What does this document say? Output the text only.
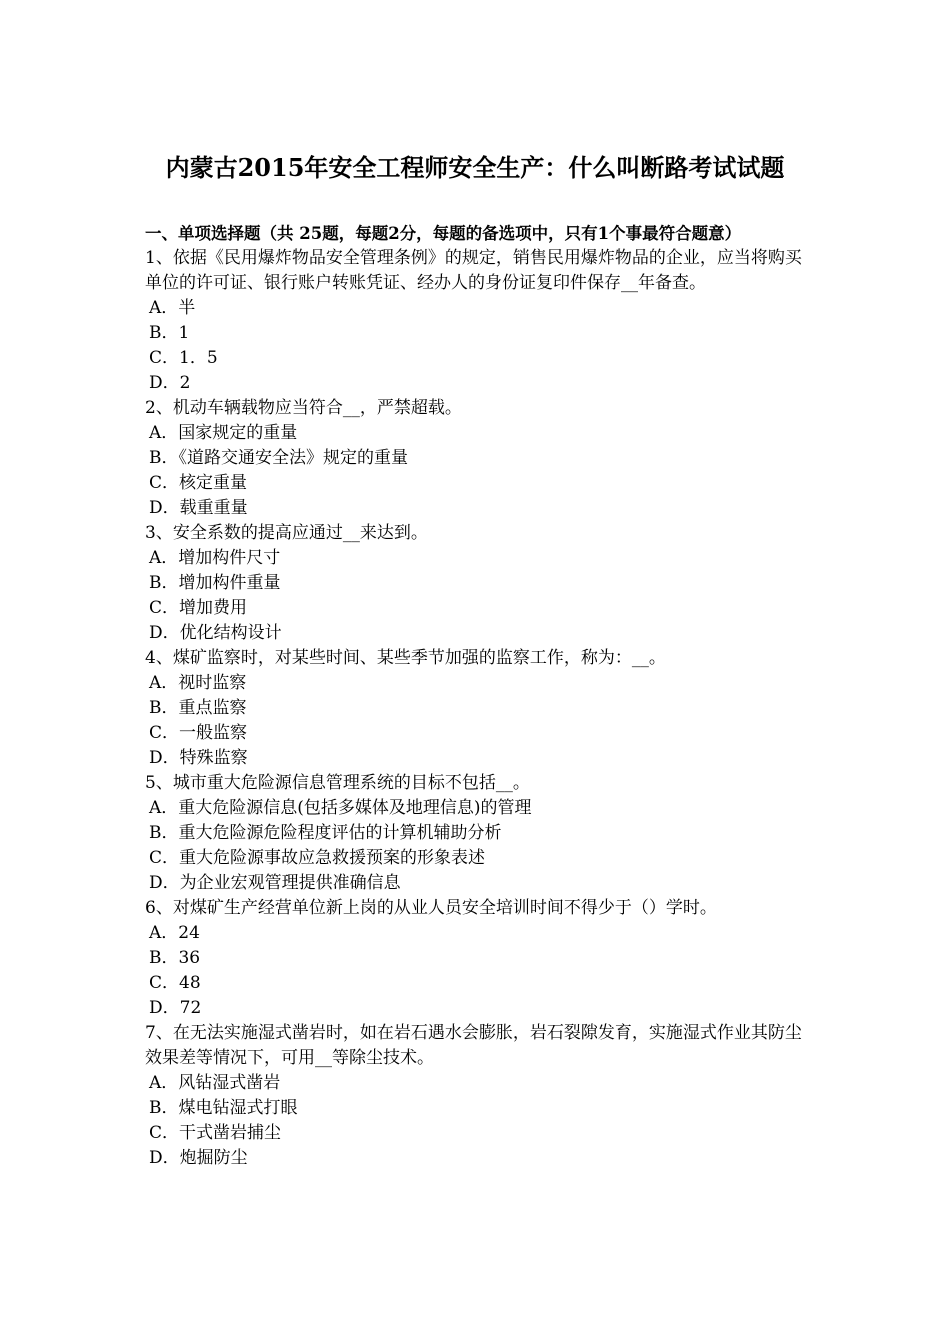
内蒙古2015年安全工程师安全生产：什么叫断路考试试题

一、单项选择题（共 25题，每题2分，每题的备选项中，只有1个事最符合题意）

1、依据《民用爆炸物品安全管理条例》的规定，销售民用爆炸物品的企业，应当将购买单位的许可证、银行账户转账凭证、经办人的身份证复印件保存__年备查。

A．半

B．1

C．1．5

D．2

2、机动车辆载物应当符合__，严禁超载。

A．国家规定的重量

B．《道路交通安全法》规定的重量

C．核定重量

D．载重重量

3、安全系数的提高应通过__来达到。

A．增加构件尺寸

B．增加构件重量

C．增加费用

D．优化结构设计

4、煤矿监察时，对某些时间、某些季节加强的监察工作，称为：__。

A．视时监察

B．重点监察

C．一般监察

D．特殊监察

5、城市重大危险源信息管理系统的目标不包括__。

A．重大危险源信息(包括多媒体及地理信息)的管理

B．重大危险源危险程度评估的计算机辅助分析

C．重大危险源事故应急救援预案的形象表述

D．为企业宏观管理提供准确信息

6、对煤矿生产经营单位新上岗的从业人员安全培训时间不得少于（）学时。

A．24

B．36

C．48

D．72

7、在无法实施湿式凿岩时，如在岩石遇水会膨胀，岩石裂隙发育，实施湿式作业其防尘效果差等情况下，可用__等除尘技术。

A．风钻湿式凿岩

B．煤电钻湿式打眼

C．干式凿岩捕尘

D．炮掘防尘
